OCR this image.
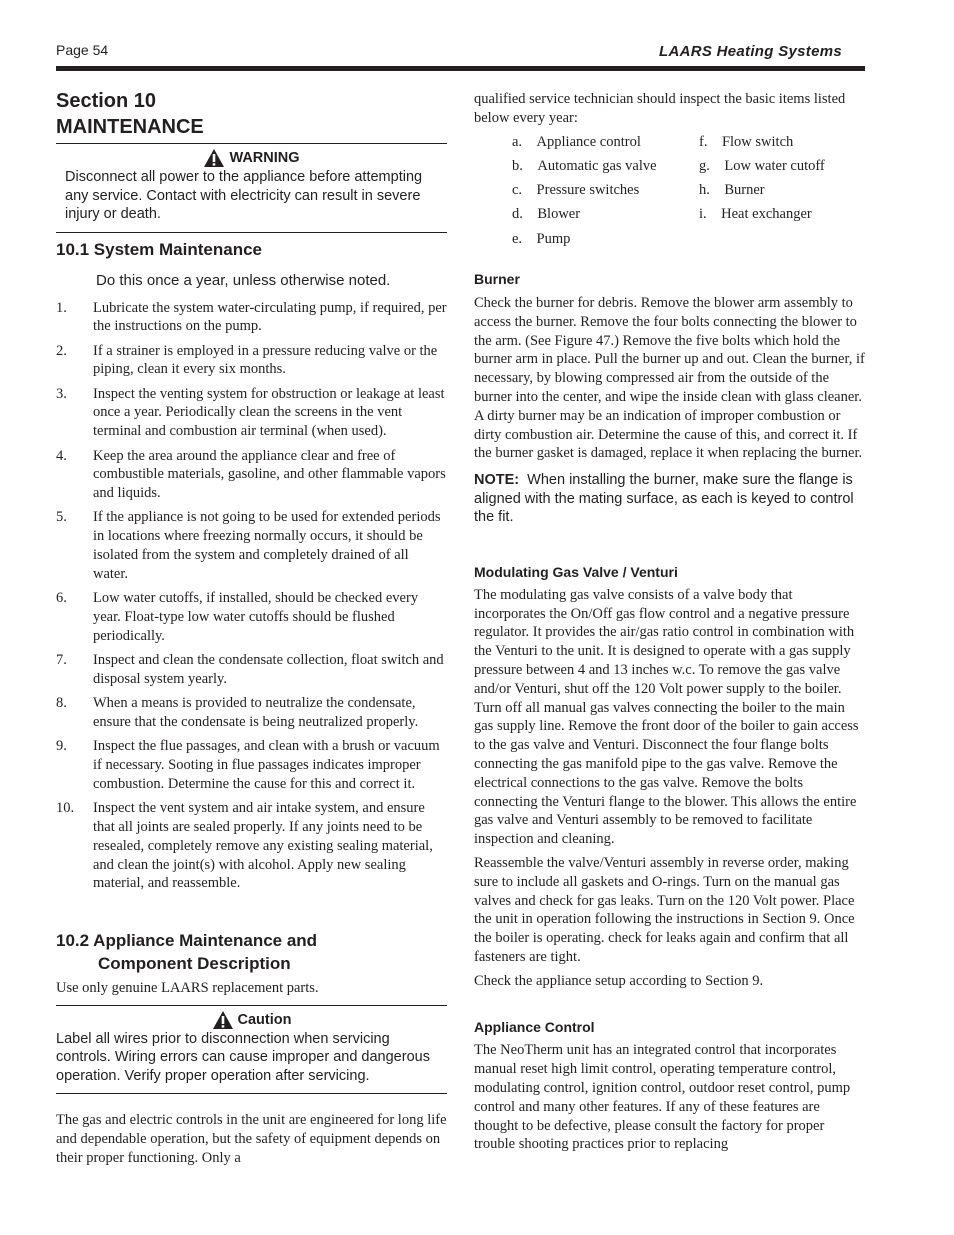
Page 54	LAARS Heating Systems
Section 10
MAINTENANCE
WARNING
Disconnect all power to the appliance before attempting any service. Contact with electricity can result in severe injury or death.
10.1 System Maintenance
Do this once a year, unless otherwise noted.
1.	Lubricate the system water-circulating pump, if required, per the instructions on the pump.
2.	If a strainer is employed in a pressure reducing valve or the piping, clean it every six months.
3.	Inspect the venting system for obstruction or leakage at least once a year. Periodically clean the screens in the vent terminal and combustion air terminal (when used).
4.	Keep the area around the appliance clear and free of combustible materials, gasoline, and other flammable vapors and liquids.
5.	If the appliance is not going to be used for extended periods in locations where freezing normally occurs, it should be isolated from the system and completely drained of all water.
6.	Low water cutoffs, if installed, should be checked every year. Float-type low water cutoffs should be flushed periodically.
7.	Inspect and clean the condensate collection, float switch and disposal system yearly.
8.	When a means is provided to neutralize the condensate, ensure that the condensate is being neutralized properly.
9.	Inspect the flue passages, and clean with a brush or vacuum if necessary. Sooting in flue passages indicates improper combustion. Determine the cause for this and correct it.
10.	Inspect the vent system and air intake system, and ensure that all joints are sealed properly. If any joints need to be resealed, completely remove any existing sealing material, and clean the joint(s) with alcohol. Apply new sealing material, and reassemble.
10.2 Appliance Maintenance and
Component Description

Use only genuine LAARS replacement parts.

Caution
Label all wires prior to disconnection when servicing controls. Wiring errors can cause improper and dangerous operation. Verify proper operation after servicing.

The gas and electric controls in the unit are engineered for long life and dependable operation, but the safety of equipment depends on their proper functioning. Only a

qualified service technician should inspect the basic items listed below every year:

a. Appliance control	f. Flow switch
b. Automatic gas valve	g. Low water cutoff
c. Pressure switches	h. Burner
d. Blower	i. Heat exchanger
e. Pump
Burner

Check the burner for debris. Remove the blower arm assembly to access the burner. Remove the four bolts connecting the blower to the arm. (See Figure 47.) Remove the five bolts which hold the burner arm in place. Pull the burner up and out. Clean the burner, if necessary, by blowing compressed air from the outside of the burner into the center, and wipe the inside clean with glass cleaner. A dirty burner may be an indication of improper combustion or dirty combustion air. Determine the cause of this, and correct it. If the burner gasket is damaged, replace it when replacing the burner.

NOTE: When installing the burner, make sure the flange is aligned with the mating surface, as each is keyed to control the fit.

Modulating Gas Valve / Venturi

The modulating gas valve consists of a valve body that incorporates the On/Off gas flow control and a negative pressure regulator. It provides the air/gas ratio control in combination with the Venturi to the unit. It is designed to operate with a gas supply pressure between 4 and 13 inches w.c. To remove the gas valve and/or Venturi, shut off the 120 Volt power supply to the boiler. Turn off all manual gas valves connecting the boiler to the main gas supply line. Remove the front door of the boiler to gain access to the gas valve and Venturi. Disconnect the four flange bolts connecting the gas manifold pipe to the gas valve. Remove the electrical connections to the gas valve. Remove the bolts connecting the Venturi flange to the blower. This allows the entire gas valve and Venturi assembly to be removed to facilitate inspection and cleaning.

Reassemble the valve/Venturi assembly in reverse order, making sure to include all gaskets and O-rings. Turn on the manual gas valves and check for gas leaks. Turn on the 120 Volt power. Place the unit in operation following the instructions in Section 9. Once the boiler is operating. check for leaks again and confirm that all fasteners are tight.

Check the appliance setup according to Section 9.

Appliance Control

The NeoTherm unit has an integrated control that incorporates manual reset high limit control, operating temperature control, modulating control, ignition control, outdoor reset control, pump control and many other features. If any of these features are thought to be defective, please consult the factory for proper trouble shooting practices prior to replacing
